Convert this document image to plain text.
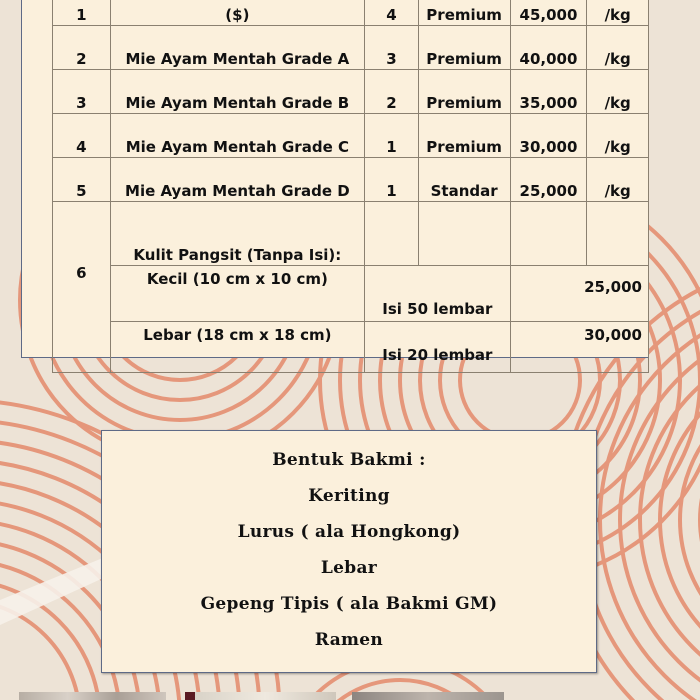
1	($)	4	Premium	45,000	/kg
2	Mie Ayam Mentah Grade A	3	Premium	40,000	/kg
3	Mie Ayam Mentah Grade B	2	Premium	35,000	/kg
4	Mie Ayam Mentah Grade C	1	Premium	30,000	/kg
5	Mie Ayam Mentah Grade D	1	Standar	25,000	/kg
6	Kulit Pangsit (Tanpa Isi):				
	Kecil (10 cm x 10 cm)	Isi 50 lembar		25,000	
	Lebar (18 cm x 18 cm)	Isi 20 lembar		30,000	
Bentuk Bakmi :
Keriting
Lurus ( ala Hongkong)
Lebar
Gepeng Tipis ( ala Bakmi GM)
Ramen
